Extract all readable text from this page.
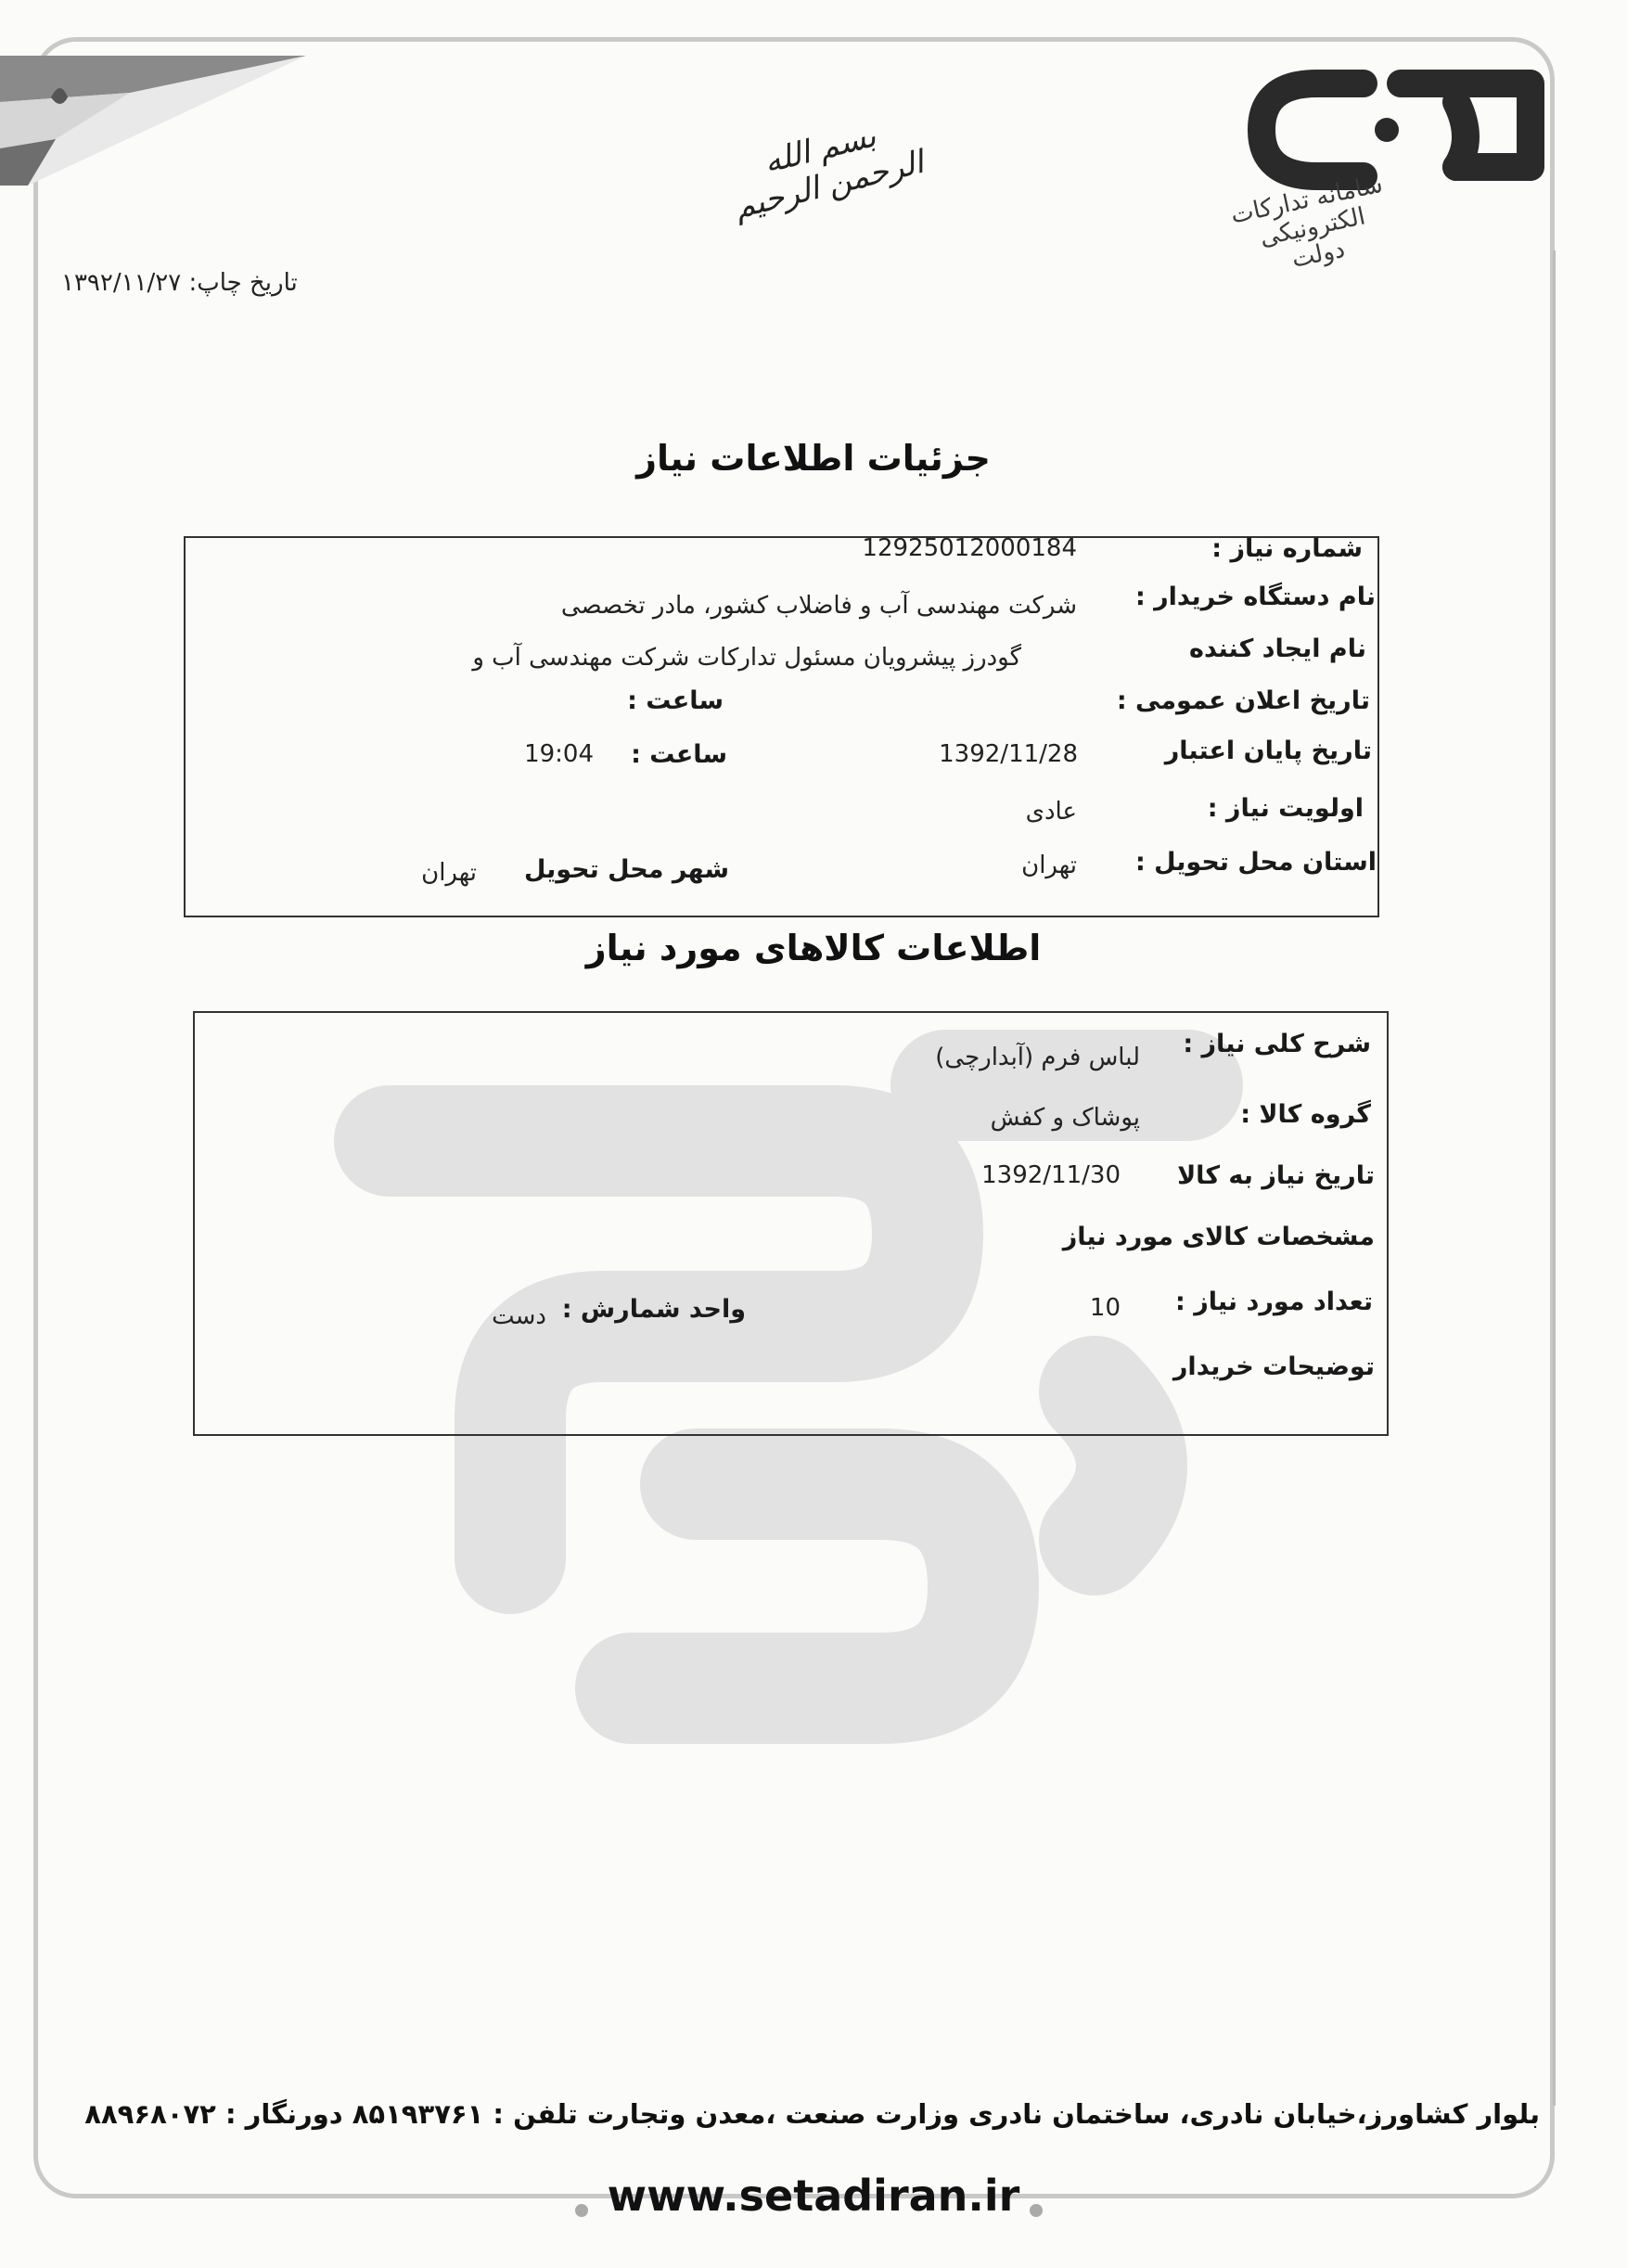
سامانه تدارکات الکترونیکی دولت
بسم الله الرحمن الرحیم
تاریخ چاپ: ۱۳۹۲/۱۱/۲۷
جزئیات اطلاعات نیاز
شماره نیاز :
12925012000184
نام دستگاه خریدار :
شرکت مهندسی آب و فاضلاب کشور، مادر تخصصی
نام ایجاد کننده
گودرز پیشرویان مسئول تدارکات شرکت مهندسی آب و
تاریخ اعلان عمومی :
ساعت :
تاریخ پایان اعتبار
1392/11/28
ساعت :
19:04
اولویت نیاز :
عادی
استان محل تحویل :
تهران
شهر محل تحویل
تهران
اطلاعات کالاهای مورد نیاز
شرح کلی نیاز :
لباس فرم (آبدارچی)
گروه کالا :
پوشاک و کفش
تاریخ نیاز به کالا
1392/11/30
مشخصات کالای مورد نیاز
تعداد مورد نیاز :
10
واحد شمارش :
دست
توضیحات خریدار
بلوار کشاورز،خیابان نادری، ساختمان نادری وزارت صنعت ،معدن وتجارت تلفن : ۸۵۱۹۳۷۶۱ دورنگار : ۸۸۹۶۸۰۷۲
www.setadiran.ir
